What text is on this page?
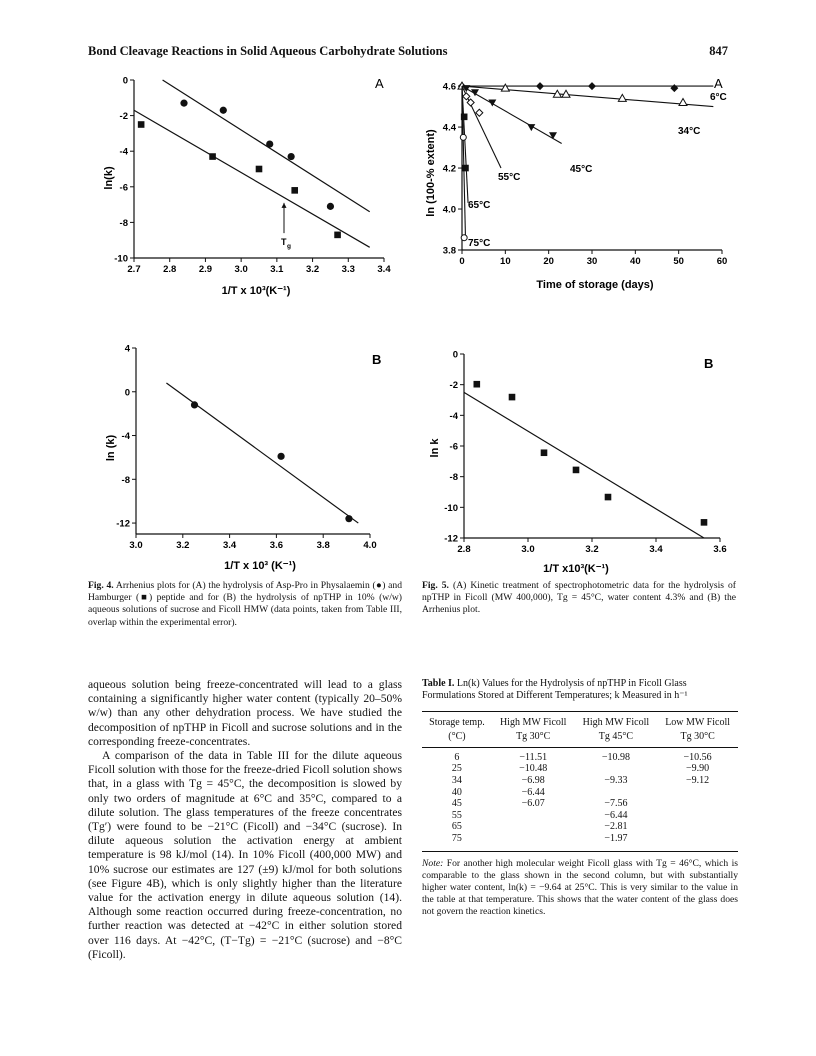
Bond Cleavage Reactions in Solid Aqueous Carbohydrate Solutions	847
2.7 2.8 2.9 3.0 3.1 3.2 3.3 3.4
0
-2
-4
-6
-8
-10
T g
A
ln(k)
1/T x 10³(K⁻¹)
0	10	20	30	40	50	60
4.6
4.4
4.2
4.0
3.8
6°C
34°C
45°C
55°C
65°C
75°C
A
ln (100-% extent)
Time of storage (days)
3.0	3.2	3.4	3.6	3.8	4.0
4
0
-4
-8
-12
B
ln (k)
1/T x 10³ (K⁻¹)
2.8	3.0	3.2	3.4	3.6
0
-2
-4
-6
-8
-10
-12
B
ln k
1/T x10³(K⁻¹)
Fig. 4. Arrhenius plots for (A) the hydrolysis of Asp-Pro in Physalaemin (●) and Hamburger (■) peptide and for (B) the hydrolysis of npTHP in 10% (w/w) aqueous solutions of sucrose and Ficoll HMW (data points, taken from Table III, overlap within the experimental error).
Fig. 5. (A) Kinetic treatment of spectrophotometric data for the hydrolysis of npTHP in Ficoll (MW 400,000), Tg = 45°C, water content 4.3% and (B) the Arrhenius plot.

aqueous solution being freeze-concentrated will lead to a glass containing a significantly higher water content (typically 20–50% w/w) than any other dehydration process. We have studied the decomposition of npTHP in Ficoll and sucrose solutions and in the corresponding freeze-concentrates.

A comparison of the data in Table III for the dilute aqueous Ficoll solution with those for the freeze-dried Ficoll solution shows that, in a glass with Tg = 45°C, the decomposition is slowed by only two orders of magnitude at 6°C and 35°C, compared to a dilute solution. The glass temperatures of the freeze concentrates (Tg′) were found to be −21°C (Ficoll) and −34°C (sucrose). In dilute aqueous solution the activation energy at ambient temperature is 98 kJ/mol (14). In 10% Ficoll (400,000 MW) and 10% sucrose our estimates are 127 (±9) kJ/mol for both solutions (see Figure 4B), which is only slightly higher than the literature value for the activation energy in dilute aqueous solution (14). Although some reaction occurred during freeze-concentration, no further reaction was detected at −42°C in either solution stored over 116 days. At −42°C, (T−Tg) = −21°C (sucrose) and −8°C (Ficoll).

Table I. Ln(k) Values for the Hydrolysis of npTHP in Ficoll Glass Formulations Stored at Different Temperatures; k Measured in h⁻¹
Storage temp.	High MW Ficoll	High MW Ficoll	Low MW Ficoll
(°C)	Tg 30°C	Tg 45°C	Tg 30°C

6	−11.51	−10.98	−10.56
25	−10.48		−9.90
34	−6.98	−9.33	−9.12
40	−6.44		
45	−6.07	−7.56	
55		−6.44	
65		−2.81	
75		−1.97	
Note: For another high molecular weight Ficoll glass with Tg = 46°C, which is comparable to the glass shown in the second column, but with substantially higher water content, ln(k) = −9.64 at 25°C. This is very similar to the value in the table at that temperature. This shows that the water content of the glass does not govern the reaction kinetics.
